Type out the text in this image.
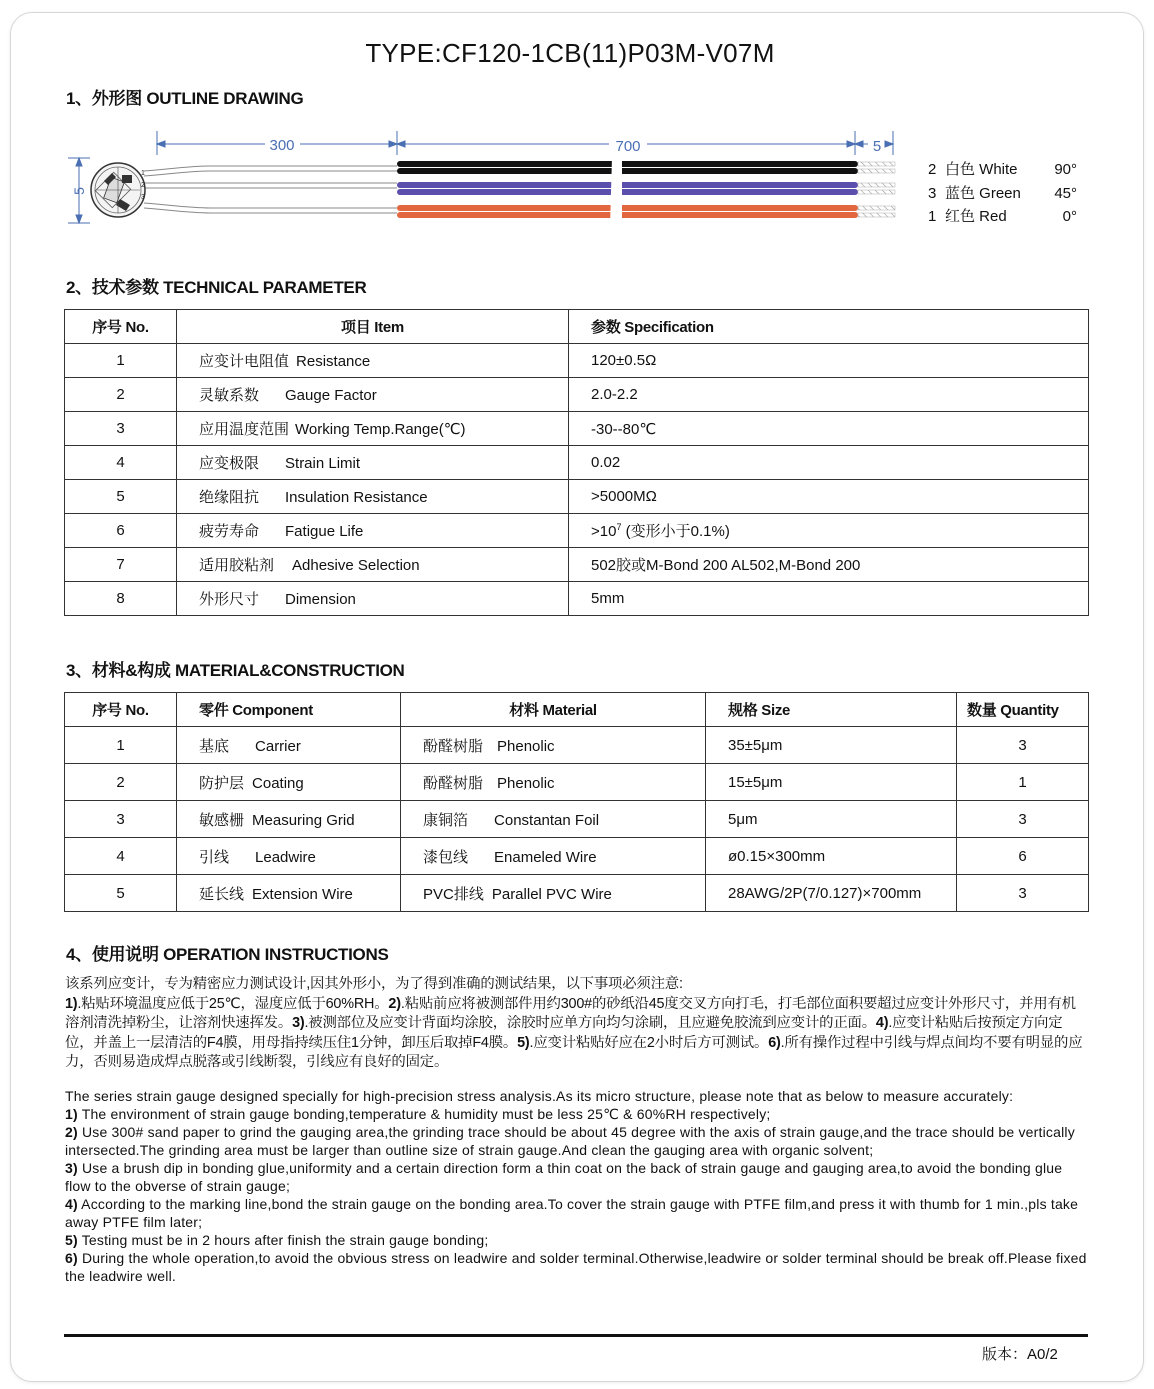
TYPE:CF120-1CB(11)P03M-V07M
1、外形图 OUTLINE DRAWING
300	700	5
5
1
2
3
2 白色 White 90°
3 蓝色 Green 45°
1 红色 Red	0°
2、技术参数 TECHNICAL PARAMETER
序号 No.	项目 Item	参数 Specification
1	应变计电阻值 Resistance	120±0.5Ω
2	灵敏系数 Gauge Factor	2.0-2.2
3	应用温度范围 Working Temp.Range(℃)	-30--80℃
4	应变极限 Strain Limit	0.02
5	绝缘阻抗 Insulation Resistance	>5000MΩ
6	疲劳寿命 Fatigue Life	$>10^7$ (变形小于0.1%)
7	适用胶粘剂 Adhesive Selection	502胶或M-Bond 200 AL502,M-Bond 200
8	外形尺寸 Dimension	5mm
3、材料&构成 MATERIAL&CONSTRUCTION
序号 No.	零件 Component	材料 Material	规格 Size	数量 Quantity
1	基底 Carrier	酚醛树脂 Phenolic	35±5μm	3
2	防护层 Coating	酚醛树脂 Phenolic	15±5μm	1
3	敏感栅 Measuring Grid	康铜箔 Constantan Foil	5μm	3
4	引线 Leadwire	漆包线 Enameled Wire	ø0.15×300mm	6
5	延长线 Extension Wire	PVC排线 Parallel PVC Wire	28AWG/2P(7/0.127)×700mm	3
4、使用说明 OPERATION INSTRUCTIONS

该系列应变计，专为精密应力测试设计,因其外形小，为了得到准确的测试结果，以下事项必须注意:

1).粘贴环境温度应低于25℃，湿度应低于60%RH。2).粘贴前应将被测部件用约300#的砂纸沿45度交叉方向打毛，打毛部位面积要超过应变计外形尺寸，并用有机溶剂清洗掉粉尘，让溶剂快速挥发。3).被测部位及应变计背面均涂胶，涂胶时应单方向均匀涂刷，且应避免胶流到应变计的正面。4).应变计粘贴后按预定方向定位，并盖上一层清洁的F4膜，用母指持续压住1分钟，卸压后取掉F4膜。5).应变计粘贴好应在2小时后方可测试。6).所有操作过程中引线与焊点间均不要有明显的应力，否则易造成焊点脱落或引线断裂，引线应有良好的固定。

The series strain gauge designed specially for high-precision stress analysis.As its micro structure, please note that as below to measure accurately:

1) The environment of strain gauge bonding,temperature & humidity must be less 25℃ & 60%RH respectively;

2) Use 300# sand paper to grind the gauging area,the grinding trace should be about 45 degree with the axis of strain gauge,and the trace should be vertically intersected.The grinding area must be larger than outline size of strain gauge.And clean the gauging area with organic solvent;

3) Use a brush dip in bonding glue,uniformity and a certain direction form a thin coat on the back of strain gauge and gauging area,to avoid the bonding glue flow to the obverse of strain gauge;

4) According to the marking line,bond the strain gauge on the bonding area.To cover the strain gauge with PTFE film,and press it with thumb for 1 min.,pls take away PTFE film later;

5) Testing must be in 2 hours after finish the strain gauge bonding;

6) During the whole operation,to avoid the obvious stress on leadwire and solder terminal.Otherwise,leadwire or solder terminal should be break off.Please fixed the leadwire well.

版本：A0/2
